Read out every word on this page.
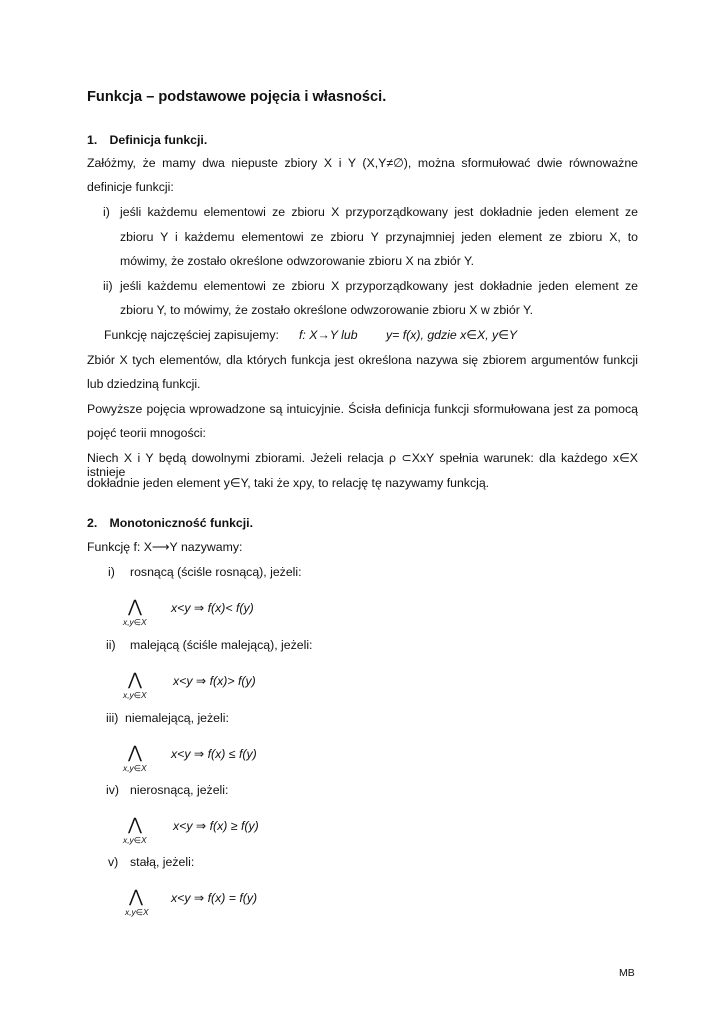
Funkcja – podstawowe pojęcia i własności.
1. Definicja funkcji.
Załóżmy, że mamy dwa niepuste zbiory X i Y (X,Y≠∅), można sformułować dwie równoważne
definicje funkcji:
i) jeśli każdemu elementowi ze zbioru X przyporządkowany jest dokładnie jeden element ze
zbioru Y i każdemu elementowi ze zbioru Y przynajmniej jeden element ze zbioru X, to
mówimy, że zostało określone odwzorowanie zbioru X na zbiór Y.
ii) jeśli każdemu elementowi ze zbioru X przyporządkowany jest dokładnie jeden element ze
zbioru Y, to mówimy, że zostało określone odwzorowanie zbioru X w zbiór Y.
Funkcję najczęściej zapisujemy: f: X→Y lub y= f(x), gdzie x∈X, y∈Y
Zbiór X tych elementów, dla których funkcja jest określona nazywa się zbiorem argumentów funkcji
lub dziedziną funkcji.
Powyższe pojęcia wprowadzone są intuicyjnie. Ścisła definicja funkcji sformułowana jest za pomocą
pojęć teorii mnogości:
Niech X i Y będą dowolnymi zbiorami. Jeżeli relacja ρ ⊂XxY spełnia warunek: dla każdego x∈X istnieje
dokładnie jeden element y∈Y, taki że xρy, to relację tę nazywamy funkcją.
2. Monotoniczność funkcji.
Funkcję f: X⟶Y nazywamy:
i) rosnącą (ściśle rosnącą), jeżeli:
⋀
x,y∈X
x<y ⇒ f(x)< f(y)
ii) malejącą (ściśle malejącą), jeżeli:
⋀
x,y∈X
x<y ⇒ f(x)> f(y)
iii) niemalejącą, jeżeli:
⋀
x,y∈X
x<y ⇒ f(x) ≤ f(y)
iv) nierosnącą, jeżeli:
⋀
x,y∈X
x<y ⇒ f(x) ≥ f(y)
v) stałą, jeżeli:
⋀
x,y∈X
x<y ⇒ f(x) = f(y)
MB
